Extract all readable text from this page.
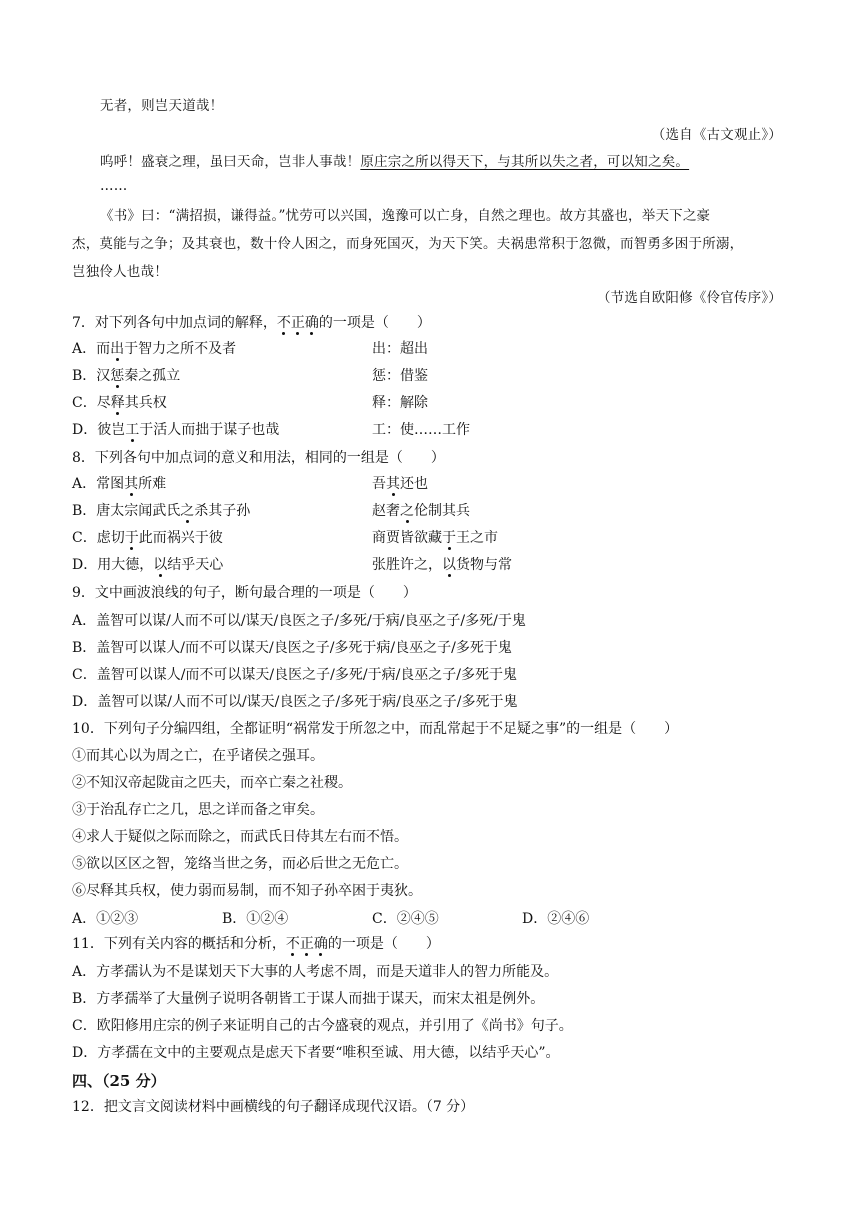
无者，则岂天道哉！
（选自《古文观止》）
呜呼！盛衰之理，虽曰天命，岂非人事哉！原庄宗之所以得天下，与其所以失之者，可以知之矣。
……
《书》曰：“满招损，谦得益。”忧劳可以兴国，逸豫可以亡身，自然之理也。故方其盛也，举天下之豪
杰，莫能与之争；及其衰也，数十伶人困之，而身死国灭，为天下笑。夫祸患常积于忽微，而智勇多困于所溺，
岂独伶人也哉！
（节选自欧阳修《伶官传序》）
7．对下列各句中加点词的解释，不正确的一项是（　　）
A．而出于智力之所不及者	出：超出
B．汉惩秦之孤立	惩：借鉴
C．尽释其兵权	释：解除
D．彼岂工于活人而拙于谋子也哉	工：使……工作
8．下列各句中加点词的意义和用法，相同的一组是（　　）
A．常图其所难	吾其还也
B．唐太宗闻武氏之杀其子孙	赵奢之伦制其兵
C．虑切于此而祸兴于彼	商贾皆欲藏于王之市
D．用大德，以结乎天心	张胜许之，以货物与常
9．文中画波浪线的句子，断句最合理的一项是（　　）
A．盖智可以谋/人而不可以/谋天/良医之子/多死/于病/良巫之子/多死/于鬼
B．盖智可以谋人/而不可以谋天/良医之子/多死于病/良巫之子/多死于鬼
C．盖智可以谋人/而不可以谋天/良医之子/多死/于病/良巫之子/多死于鬼
D．盖智可以谋/人而不可以/谋天/良医之子/多死于病/良巫之子/多死于鬼
10．下列句子分编四组，全都证明“祸常发于所忽之中，而乱常起于不足疑之事”的一组是（　　）
①而其心以为周之亡，在乎诸侯之强耳。
②不知汉帝起陇亩之匹夫，而卒亡秦之社稷。
③于治乱存亡之几，思之详而备之审矣。
④求人于疑似之际而除之，而武氏日侍其左右而不悟。
⑤欲以区区之智，笼络当世之务，而必后世之无危亡。
⑥尽释其兵权，使力弱而易制，而不知子孙卒困于夷狄。
A．①②③	B．①②④	C．②④⑤	D．②④⑥
11．下列有关内容的概括和分析，不正确的一项是（　　）
A．方孝孺认为不是谋划天下大事的人考虑不周，而是天道非人的智力所能及。
B．方孝孺举了大量例子说明各朝皆工于谋人而拙于谋天，而宋太祖是例外。
C．欧阳修用庄宗的例子来证明自己的古今盛衰的观点，并引用了《尚书》句子。
D．方孝孺在文中的主要观点是虑天下者要“唯积至诚、用大德，以结乎天心”。
四、（25 分）
12．把文言文阅读材料中画横线的句子翻译成现代汉语。（7 分）
